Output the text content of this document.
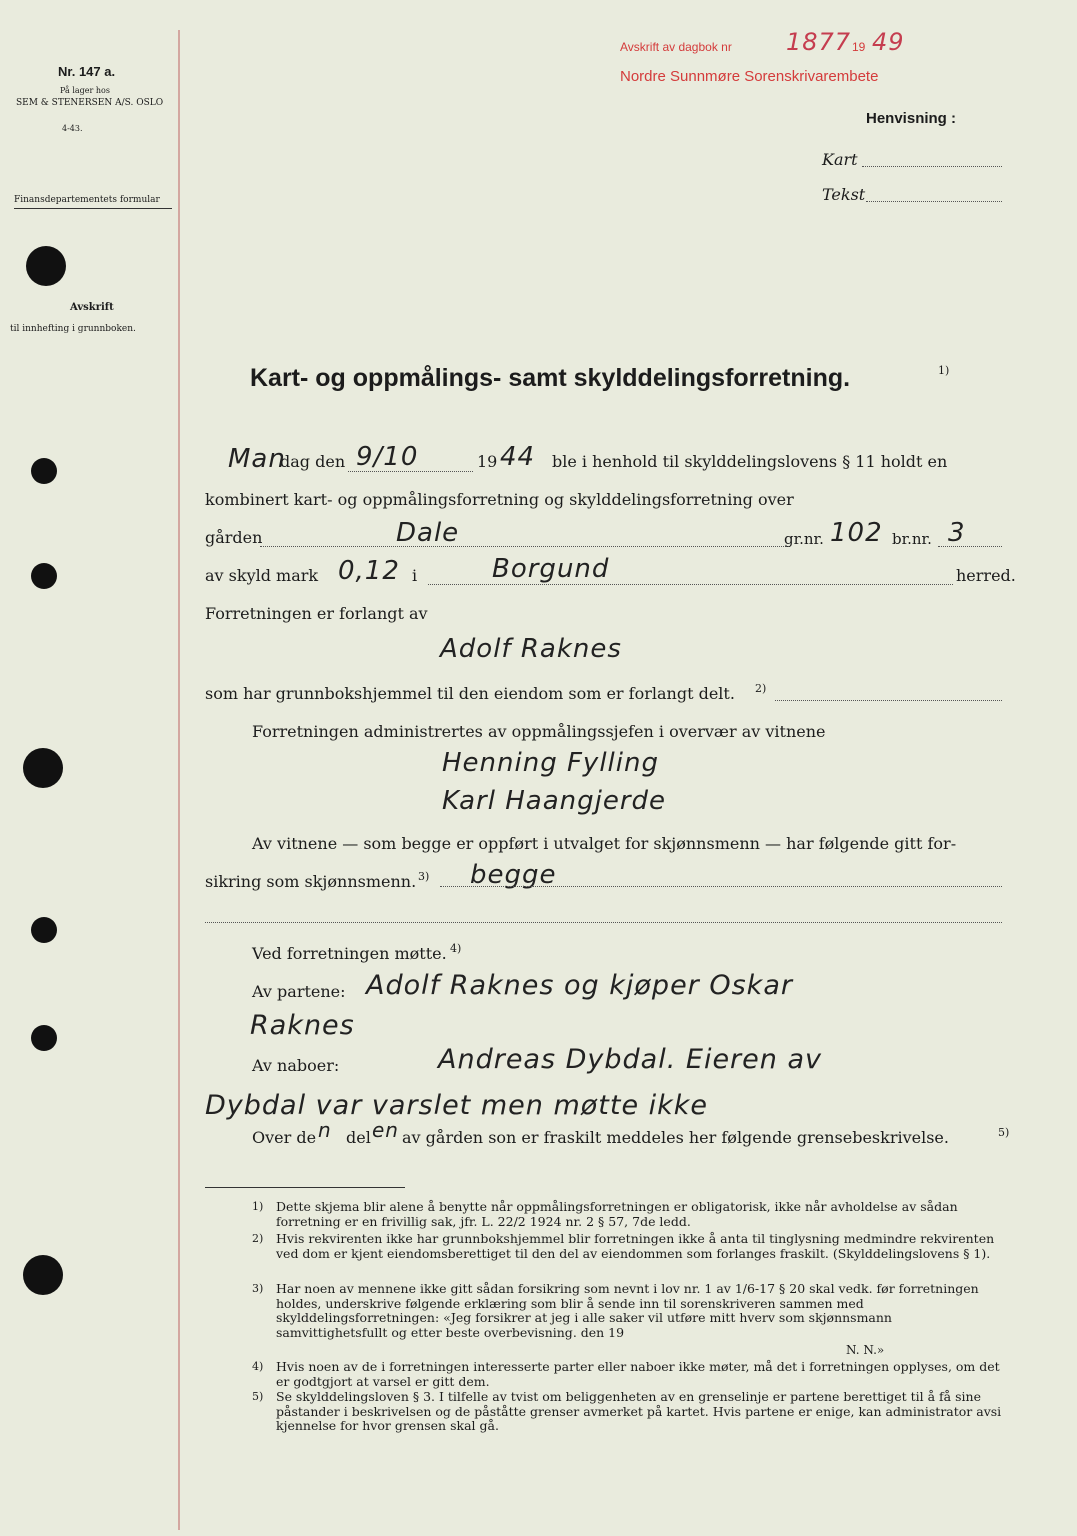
Nr. 147 a.
På lager hos
SEM & STENERSEN A/S. OSLO
4-43.
Finansdepartementets formular
Avskrift
til innhefting i grunnboken.
Avskrift av dagbok nr 1877 19 49
Nordre Sunnmøre Sorenskrivarembete
Henvisning :
Kart
Tekst
Kart- og oppmålings- samt skylddelingsforretning.	1)
Man
dag den 9/10	19 44 ble i henhold til skylddelingslovens § 11 holdt en
kombinert kart- og oppmålingsforretning og skylddelingsforretning over
gården	Dale	gr.nr. 102 br.nr. 3
av skyld mark 0,12 i	Borgund	herred.
Forretningen er forlangt av
Adolf Raknes
som har grunnbokshjemmel til den eiendom som er forlangt delt. 2)
Forretningen administrertes av oppmålingssjefen i overvær av vitnene
Henning Fylling
Karl Haangjerde
Av vitnene — som begge er oppført i utvalget for skjønnsmenn — har følgende gitt for-
sikring som skjønnsmenn. 3) begge
Ved forretningen møtte. 4)
Av partene: Adolf Raknes og kjøper Oskar
Raknes
Av naboer:	Andreas Dybdal. Eieren av
Dybdal var varslet men møtte ikke
Over de n del en av gården son er fraskilt meddeles her følgende grensebeskrivelse.	5)
1) Dette skjema blir alene å benytte når oppmålingsforretningen er obligatorisk, ikke når avholdelse av sådan forretning er en frivillig sak, jfr. L. 22/2 1924 nr. 2 § 57, 7de ledd.
2) Hvis rekvirenten ikke har grunnbokshjemmel blir forretningen ikke å anta til tinglysning medmindre rekvirenten ved dom er kjent eiendomsberettiget til den del av eiendommen som forlanges fraskilt. (Skylddelingslovens § 1).
3) Har noen av mennene ikke gitt sådan forsikring som nevnt i lov nr. 1 av 1/6-17 § 20 skal vedk. før forretningen holdes, underskrive følgende erklæring som blir å sende inn til sorenskriveren sammen med skylddelingsforretningen: «Jeg forsikrer at jeg i alle saker vil utføre mitt hverv som skjønnsmann samvittighetsfullt og etter beste overbevisning. den 19
N. N.»
4) Hvis noen av de i forretningen interesserte parter eller naboer ikke møter, må det i forretningen opplyses, om det er godtgjort at varsel er gitt dem.
5) Se skylddelingsloven § 3. I tilfelle av tvist om beliggenheten av en grenselinje er partene berettiget til å få sine påstander i beskrivelsen og de påståtte grenser avmerket på kartet. Hvis partene er enige, kan administrator avsi kjennelse for hvor grensen skal gå.
